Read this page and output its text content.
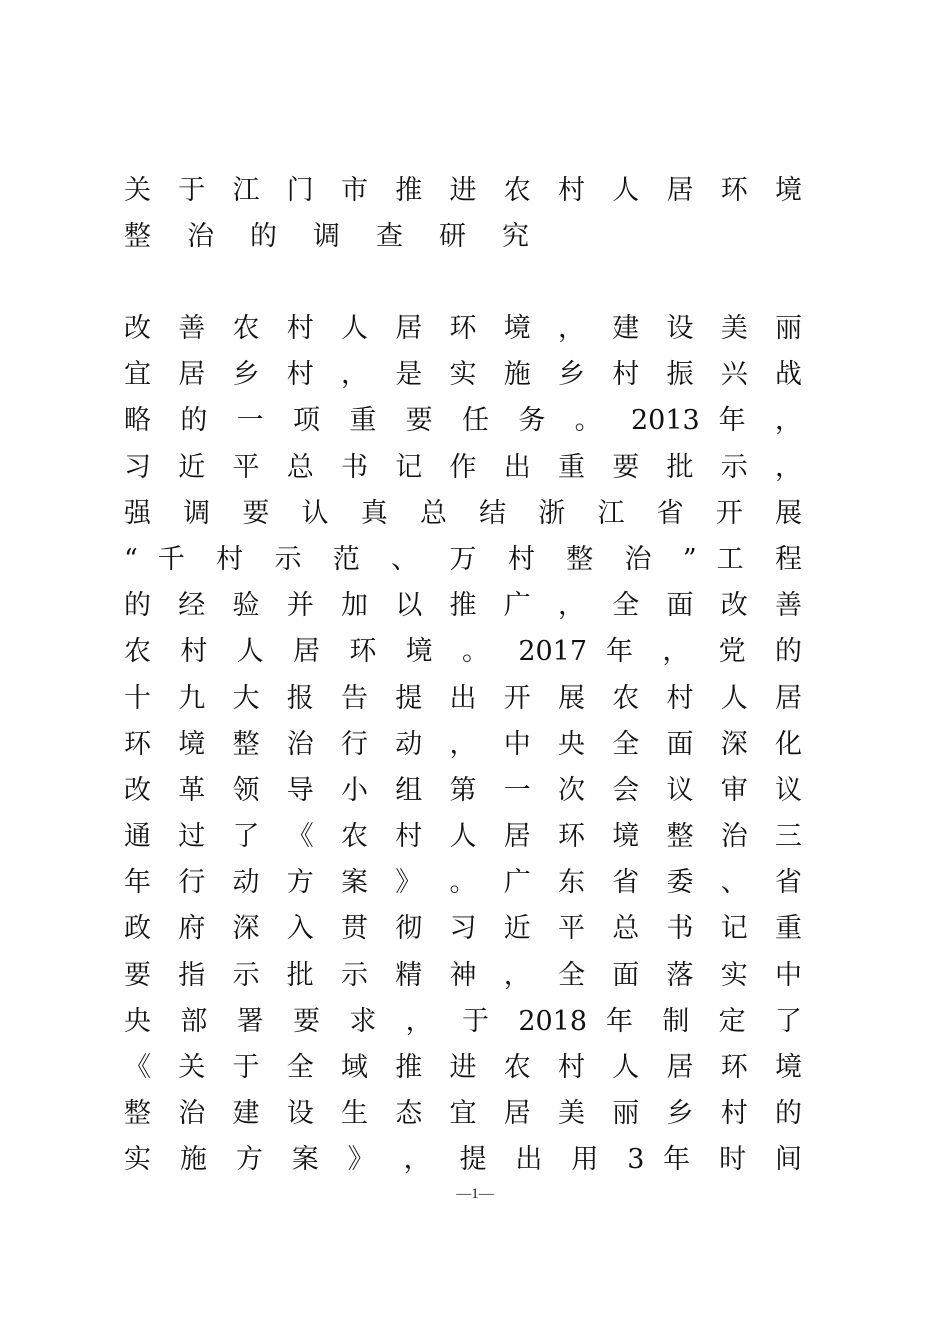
关 于 江 门 市 推 进 农 村 人 居 环 境
整治的调查研究
改 善 农 村 人 居 环 境 ， 建 设 美 丽
宜 居 乡 村 ， 是 实 施 乡 村 振 兴 战
略 的 一 项 重 要 任 务 。 2013 年 ，
习 近 平 总 书 记 作 出 重 要 批 示 ，
强 调 要 认 真 总 结 浙 江 省 开 展
“ 千 村 示 范 、 万 村 整 治 ” 工 程
的 经 验 并 加 以 推 广 ， 全 面 改 善
农 村 人 居 环 境 。 2017 年 ， 党 的
十 九 大 报 告 提 出 开 展 农 村 人 居
环 境 整 治 行 动 ， 中 央 全 面 深 化
改 革 领 导 小 组 第 一 次 会 议 审 议
通 过 了 《 农 村 人 居 环 境 整 治 三
年 行 动 方 案 》 。 广 东 省 委 、 省
政 府 深 入 贯 彻 习 近 平 总 书 记 重
要 指 示 批 示 精 神 ， 全 面 落 实 中
央 部 署 要 求 ， 于 2018 年 制 定 了
《 关 于 全 域 推 进 农 村 人 居 环 境
整 治 建 设 生 态 宜 居 美 丽 乡 村 的
实 施 方 案 》 ， 提 出 用 3 年 时 间
—1—
